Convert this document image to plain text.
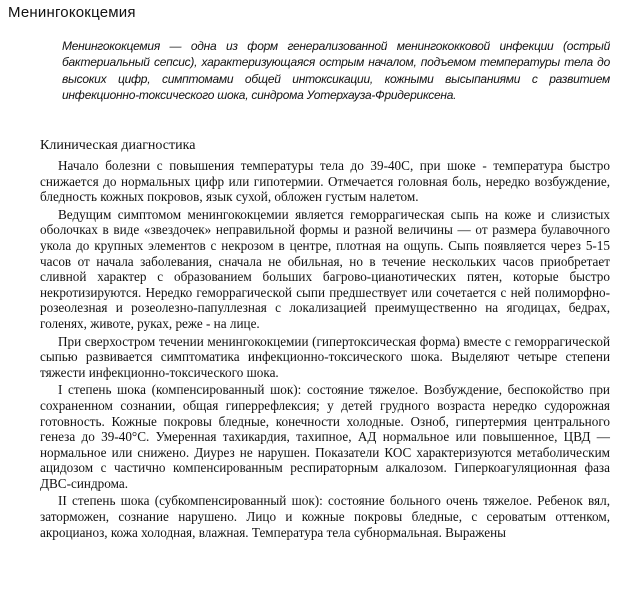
Менингококцемия
Менингококцемия — одна из форм генерализованной менингококковой инфекции (острый бактериальный сепсис), характеризующаяся острым началом, подъемом температуры тела до высоких цифр, симптомами общей интоксикации, кожными высыпаниями с развитием инфекционно-токсического шока, синдрома Уотерхауза-Фридериксена.
Клиническая диагностика

Начало болезни с повышения температуры тела до 39-40С, при шоке - температура быстро снижается до нормальных цифр или гипотермии. Отмечается головная боль, нередко возбуждение, бледность кожных покровов, язык сухой, обложен густым налетом.

Ведущим симптомом менингококцемии является геморрагическая сыпь на коже и слизистых оболочках в виде «звездочек» неправильной формы и разной величины — от размера булавочного укола до крупных элементов с некрозом в центре, плотная на ощупь. Сыпь появляется через 5-15 часов от начала заболевания, сначала не обильная, но в течение нескольких часов приобретает сливной характер с образованием больших багрово-цианотических пятен, которые быстро некротизируются. Нередко геморрагической сыпи предшествует или сочетается с ней полиморфно-розеолезная и розеолезно-папуллезная с локализацией преимущественно на ягодицах, бедрах, голенях, животе, руках, реже - на лице.

При сверхостром течении менингококцемии (гипертоксическая форма) вместе с геморрагической сыпью развивается симптоматика инфекционно-токсического шока. Выделяют четыре степени тяжести инфекционно-токсического шока.

I степень шока (компенсированный шок): состояние тяжелое. Возбуждение, беспокойство при сохраненном сознании, общая гиперрефлексия; у детей грудного возраста нередко судорожная готовность. Кожные покровы бледные, конечности холодные. Озноб, гипертермия центрального генеза до 39-40°С. Умеренная тахикардия, тахипное, АД нормальное или повышенное, ЦВД — нормальное или снижено. Диурез не нарушен. Показатели КОС характеризуются метаболическим ацидозом с частично компенсированным респираторным алкалозом. Гиперкоагуляционная фаза ДВС-синдрома.

II степень шока (субкомпенсированный шок): состояние больного очень тяжелое. Ребенок вял, заторможен, сознание нарушено. Лицо и кожные покровы бледные, с сероватым оттенком, акроцианоз, кожа холодная, влажная. Температура тела субнормальная. Выражены
